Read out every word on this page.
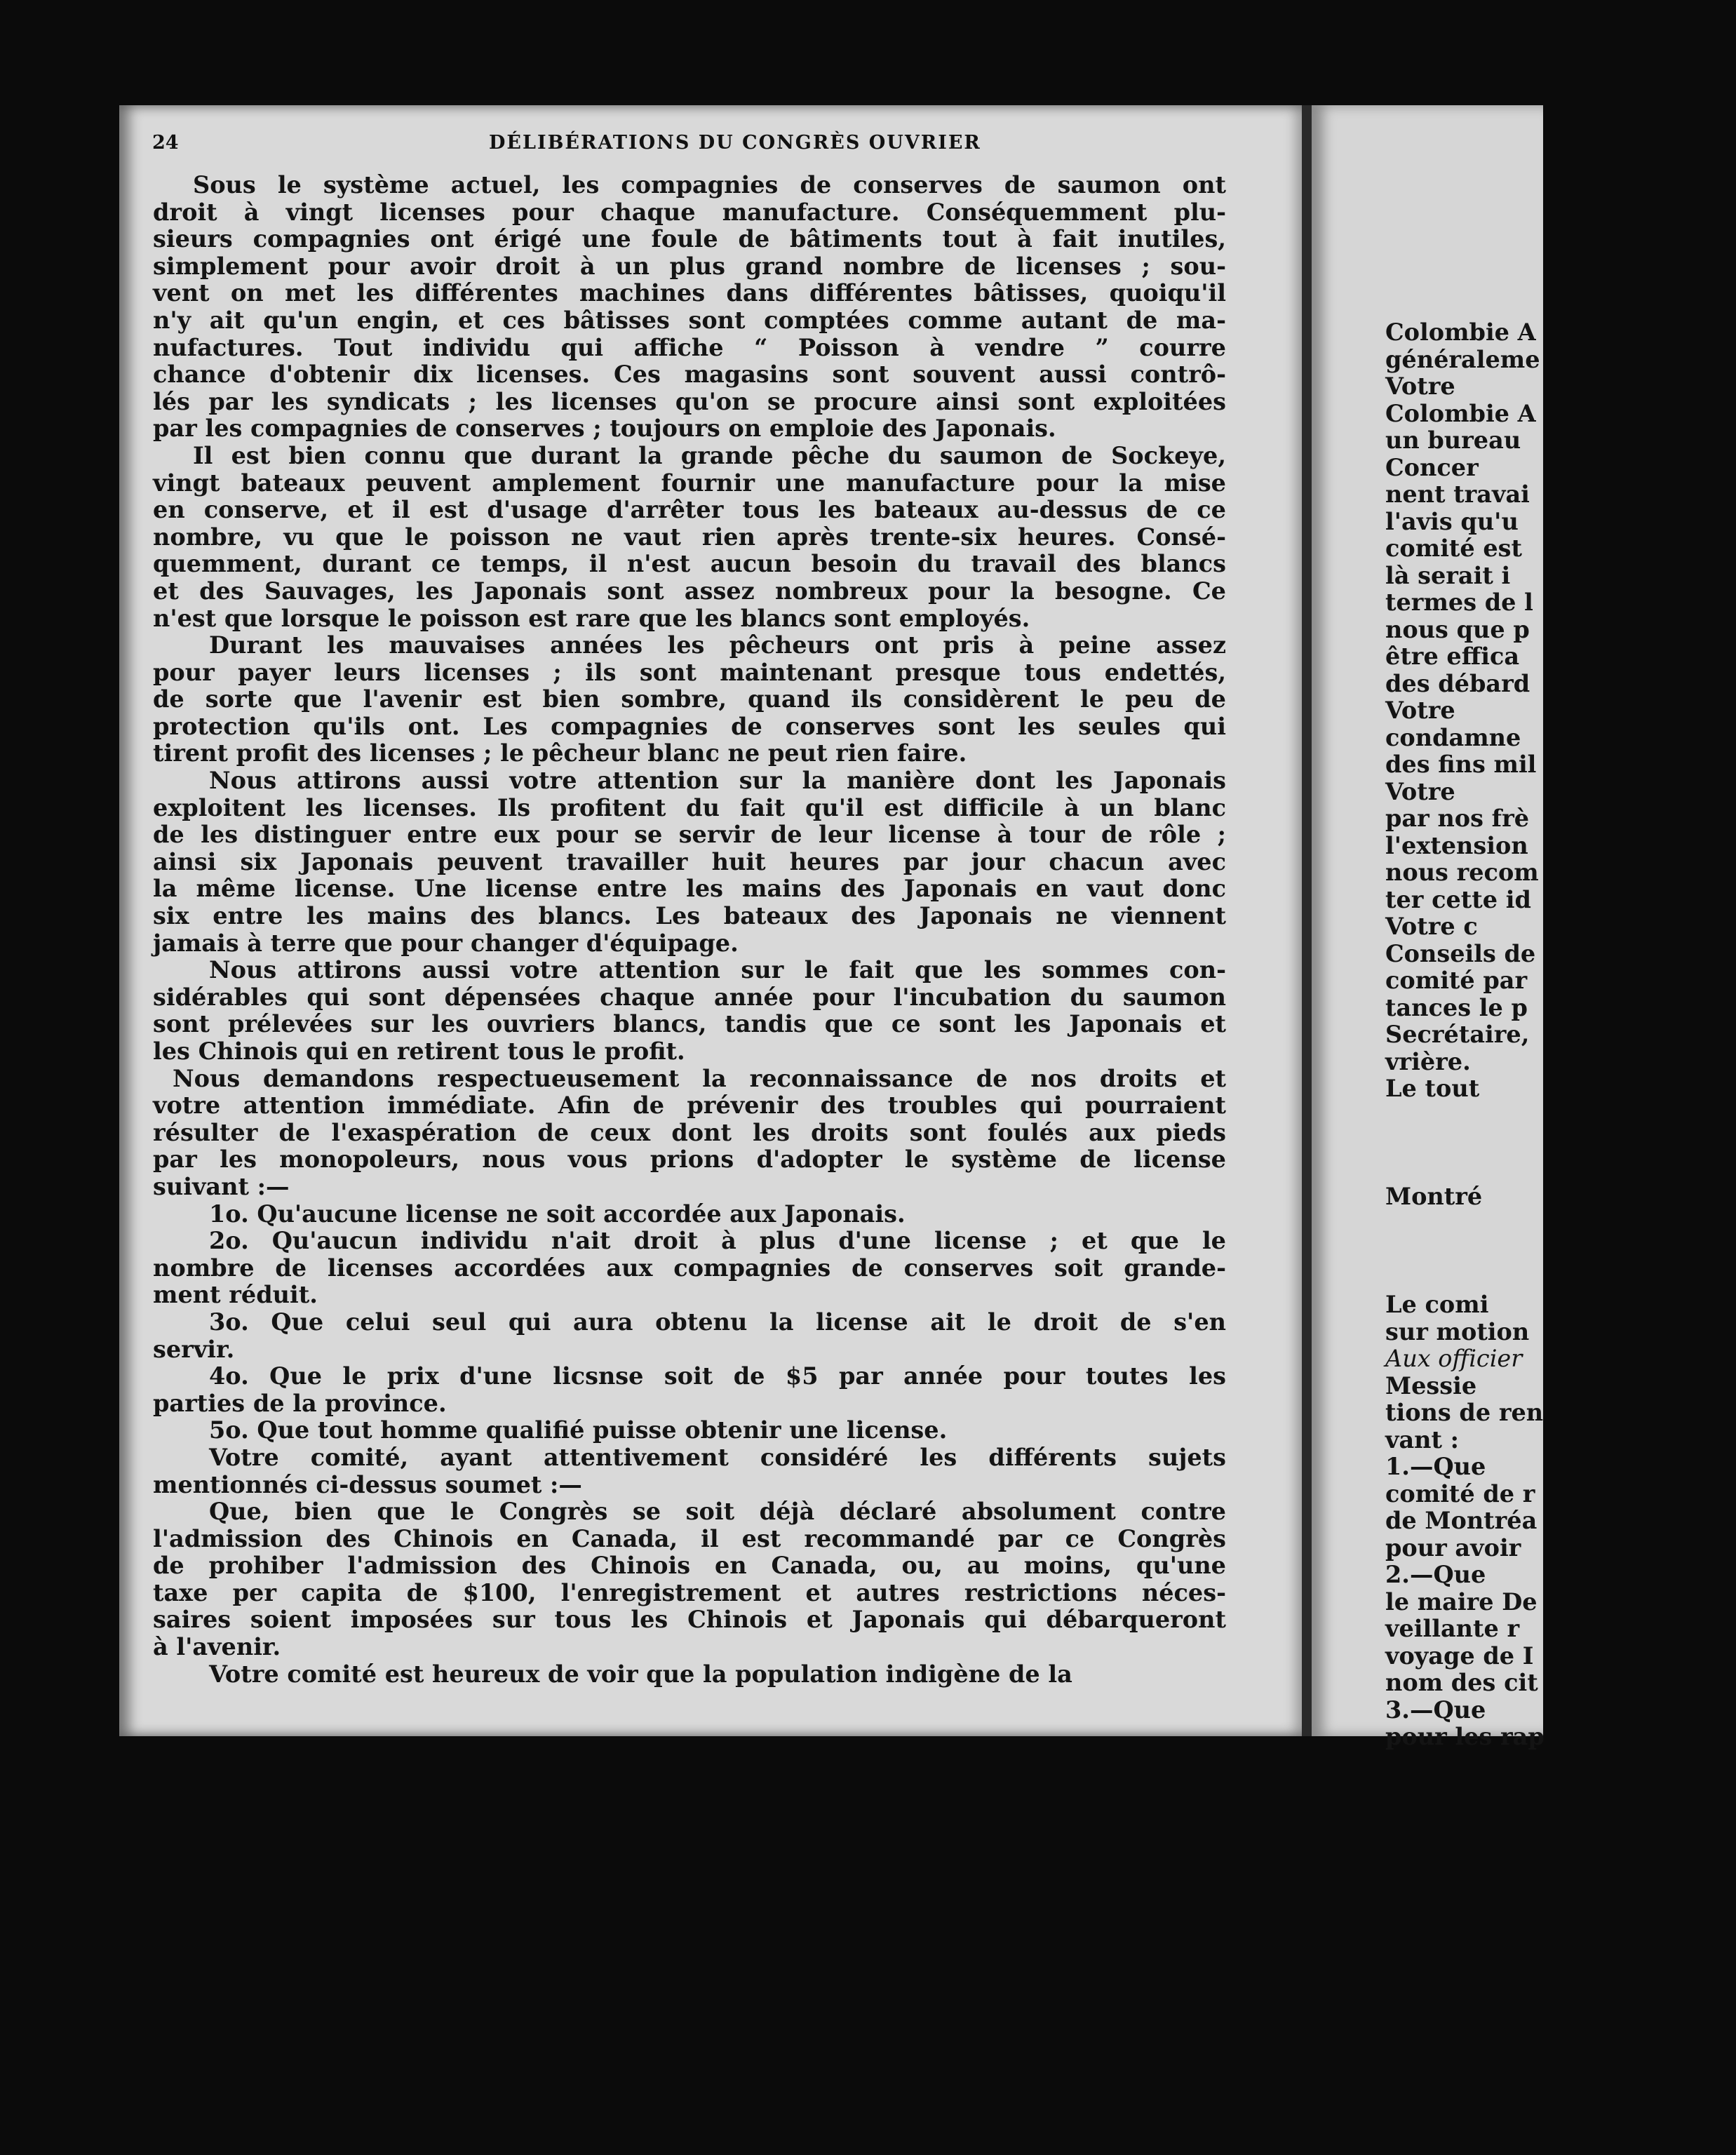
Colombie A
généraleme
Votre
Colombie A
un bureau
Concer
nent travai
l'avis qu'u
comité est
là serait i
termes de l
nous que p
être effica
des débard
Votre
condamne
des fins mil
Votre
par nos frè
l'extension
nous recom
ter cette id
Votre c
Conseils de
comité par
tances le p
Secrétaire,
vrière.
Le tout
Montré
Le comi
sur motion
Aux officier
Messie
tions de ren
vant :
1.—Que
comité de r
de Montréa
pour avoir
2.—Que
le maire De
veillante r
voyage de I
nom des cit
3.—Que
pour les rap
24	DÉLIBÉRATIONS DU CONGRÈS OUVRIER

Sous le système actuel, les compagnies de conserves de saumon ont

droit à vingt licenses pour chaque manufacture. Conséquemment plu-

sieurs compagnies ont érigé une foule de bâtiments tout à fait inutiles,

simplement pour avoir droit à un plus grand nombre de licenses ; sou-

vent on met les différentes machines dans différentes bâtisses, quoiqu'il

n'y ait qu'un engin, et ces bâtisses sont comptées comme autant de ma-

nufactures. Tout individu qui affiche “ Poisson à vendre ” courre

chance d'obtenir dix licenses. Ces magasins sont souvent aussi contrô-

lés par les syndicats ; les licenses qu'on se procure ainsi sont exploitées

par les compagnies de conserves ; toujours on emploie des Japonais.

Il est bien connu que durant la grande pêche du saumon de Sockeye,

vingt bateaux peuvent amplement fournir une manufacture pour la mise

en conserve, et il est d'usage d'arrêter tous les bateaux au-dessus de ce

nombre, vu que le poisson ne vaut rien après trente-six heures. Consé-

quemment, durant ce temps, il n'est aucun besoin du travail des blancs

et des Sauvages, les Japonais sont assez nombreux pour la besogne. Ce

n'est que lorsque le poisson est rare que les blancs sont employés.

Durant les mauvaises années les pêcheurs ont pris à peine assez

pour payer leurs licenses ; ils sont maintenant presque tous endettés,

de sorte que l'avenir est bien sombre, quand ils considèrent le peu de

protection qu'ils ont. Les compagnies de conserves sont les seules qui

tirent profit des licenses ; le pêcheur blanc ne peut rien faire.

Nous attirons aussi votre attention sur la manière dont les Japonais

exploitent les licenses. Ils profitent du fait qu'il est difficile à un blanc

de les distinguer entre eux pour se servir de leur license à tour de rôle ;

ainsi six Japonais peuvent travailler huit heures par jour chacun avec

la même license. Une license entre les mains des Japonais en vaut donc

six entre les mains des blancs. Les bateaux des Japonais ne viennent

jamais à terre que pour changer d'équipage.

Nous attirons aussi votre attention sur le fait que les sommes con-

sidérables qui sont dépensées chaque année pour l'incubation du saumon

sont prélevées sur les ouvriers blancs, tandis que ce sont les Japonais et

les Chinois qui en retirent tous le profit.

Nous demandons respectueusement la reconnaissance de nos droits et

votre attention immédiate. Afin de prévenir des troubles qui pourraient

résulter de l'exaspération de ceux dont les droits sont foulés aux pieds

par les monopoleurs, nous vous prions d'adopter le système de license

suivant :—

1o. Qu'aucune license ne soit accordée aux Japonais.

2o. Qu'aucun individu n'ait droit à plus d'une license ; et que le

nombre de licenses accordées aux compagnies de conserves soit grande-

ment réduit.

3o. Que celui seul qui aura obtenu la license ait le droit de s'en

servir.

4o. Que le prix d'une licsnse soit de $5 par année pour toutes les

parties de la province.

5o. Que tout homme qualifié puisse obtenir une license.

Votre comité, ayant attentivement considéré les différents sujets

mentionnés ci-dessus soumet :—

Que, bien que le Congrès se soit déjà déclaré absolument contre

l'admission des Chinois en Canada, il est recommandé par ce Congrès

de prohiber l'admission des Chinois en Canada, ou, au moins, qu'une

taxe per capita de $100, l'enregistrement et autres restrictions néces-

saires soient imposées sur tous les Chinois et Japonais qui débarqueront

à l'avenir.

Votre comité est heureux de voir que la population indigène de la
